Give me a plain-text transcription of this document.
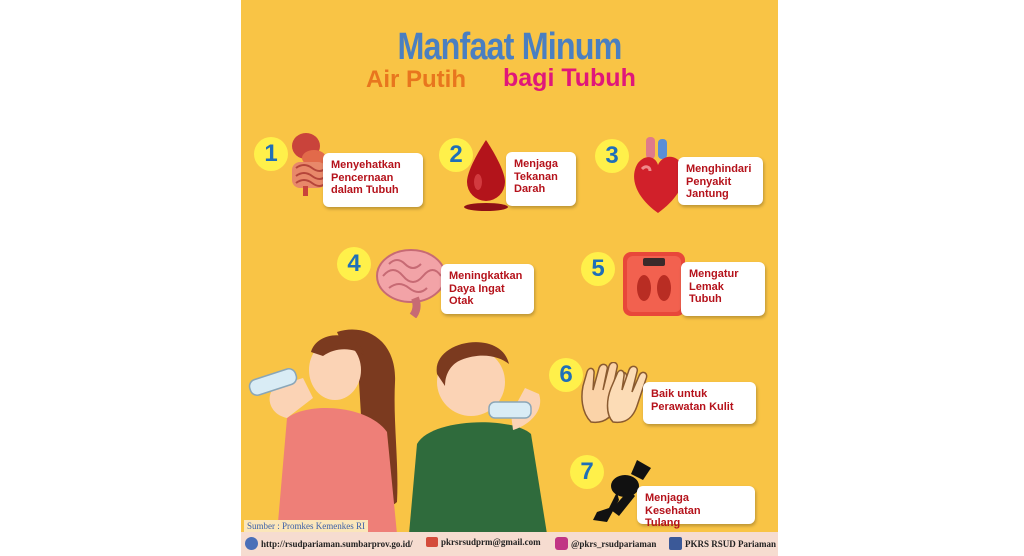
Manfaat Minum
Air Putih bagi Tubuh
1	Menyehatkan
Pencernaan
dalam Tubuh
2	Menjaga
Tekanan
Darah
3	Menghindari
Penyakit
Jantung
4	Meningkatkan
Daya Ingat
Otak
5	Mengatur
Lemak
Tubuh
6
Baik untuk
Perawatan Kulit
7
Menjaga Kesehatan
Tulang
Sumber : Promkes Kemenkes RI
http://rsudpariaman.sumbarprov.go.id/	pkrsrsudprm@gmail.com	@pkrs_rsudpariaman	PKRS RSUD Pariaman
